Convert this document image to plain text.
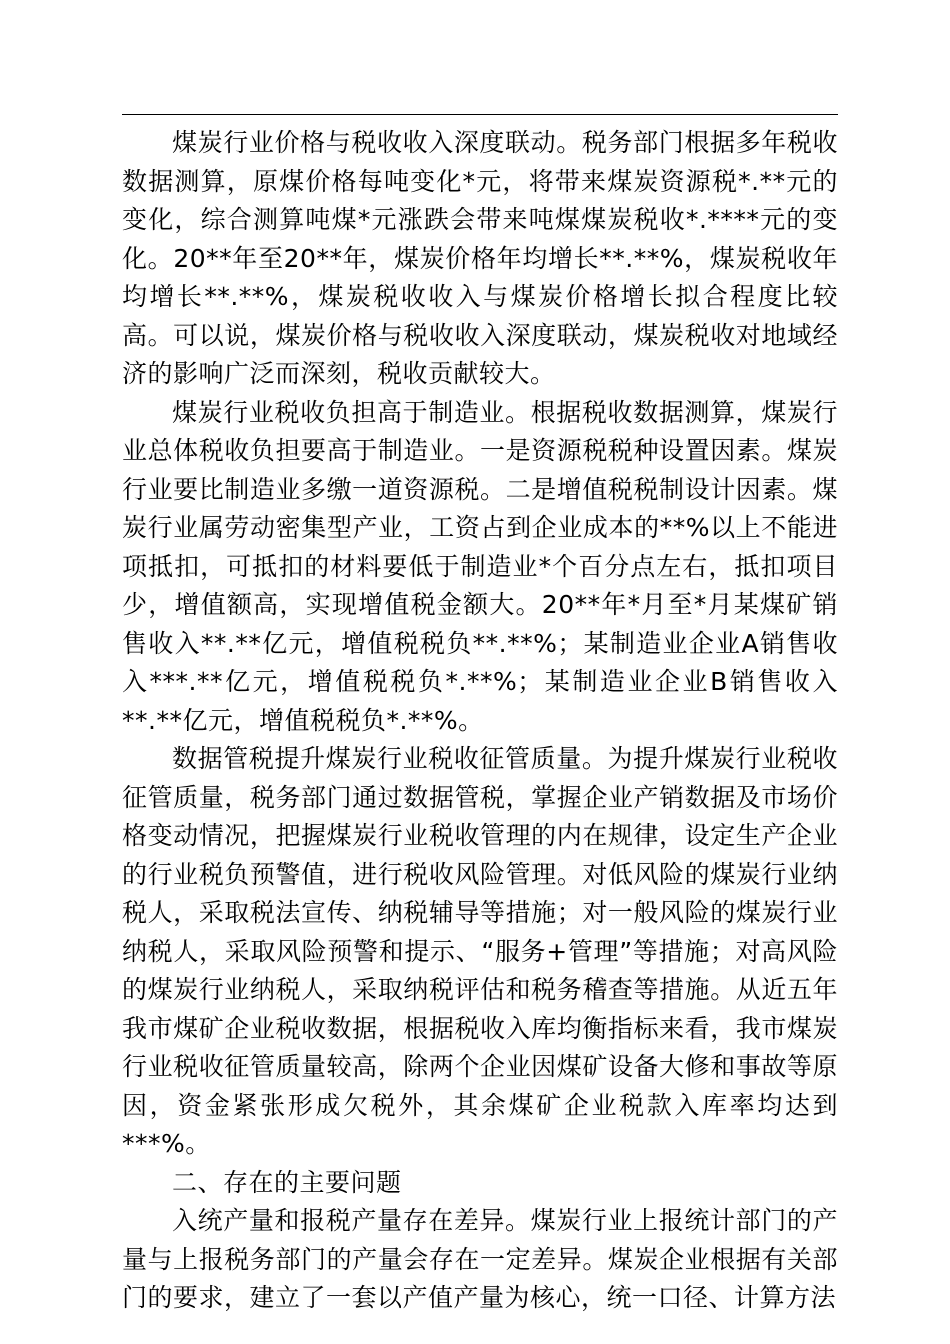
煤炭行业价格与税收收入深度联动。税务部门根据多年税收数据测算，原煤价格每吨变化*元，将带来煤炭资源税*.**元的变化，综合测算吨煤*元涨跌会带来吨煤煤炭税收*.****元的变化。20**年至20**年，煤炭价格年均增长**.**%，煤炭税收年均增长**.**%，煤炭税收收入与煤炭价格增长拟合程度比较高。可以说，煤炭价格与税收收入深度联动，煤炭税收对地域经济的影响广泛而深刻，税收贡献较大。

煤炭行业税收负担高于制造业。根据税收数据测算，煤炭行业总体税收负担要高于制造业。一是资源税税种设置因素。煤炭行业要比制造业多缴一道资源税。二是增值税税制设计因素。煤炭行业属劳动密集型产业，工资占到企业成本的**%以上不能进项抵扣，可抵扣的材料要低于制造业*个百分点左右，抵扣项目少，增值额高，实现增值税金额大。20**年*月至*月某煤矿销售收入**.**亿元，增值税税负**.**%；某制造业企业A销售收入***.**亿元，增值税税负*.**%；某制造业企业B销售收入**.**亿元，增值税税负*.**%。

数据管税提升煤炭行业税收征管质量。为提升煤炭行业税收征管质量，税务部门通过数据管税，掌握企业产销数据及市场价格变动情况，把握煤炭行业税收管理的内在规律，设定生产企业的行业税负预警值，进行税收风险管理。对低风险的煤炭行业纳税人，采取税法宣传、纳税辅导等措施；对一般风险的煤炭行业纳税人，采取风险预警和提示、“服务+管理”等措施；对高风险的煤炭行业纳税人，采取纳税评估和税务稽查等措施。从近五年我市煤矿企业税收数据，根据税收入库均衡指标来看，我市煤炭行业税收征管质量较高，除两个企业因煤矿设备大修和事故等原因，资金紧张形成欠税外，其余煤矿企业税款入库率均达到***%。

二、存在的主要问题

入统产量和报税产量存在差异。煤炭行业上报统计部门的产量与上报税务部门的产量会存在一定差异。煤炭企业根据有关部门的要求，建立了一套以产值产量为核心，统一口径、计算方法
